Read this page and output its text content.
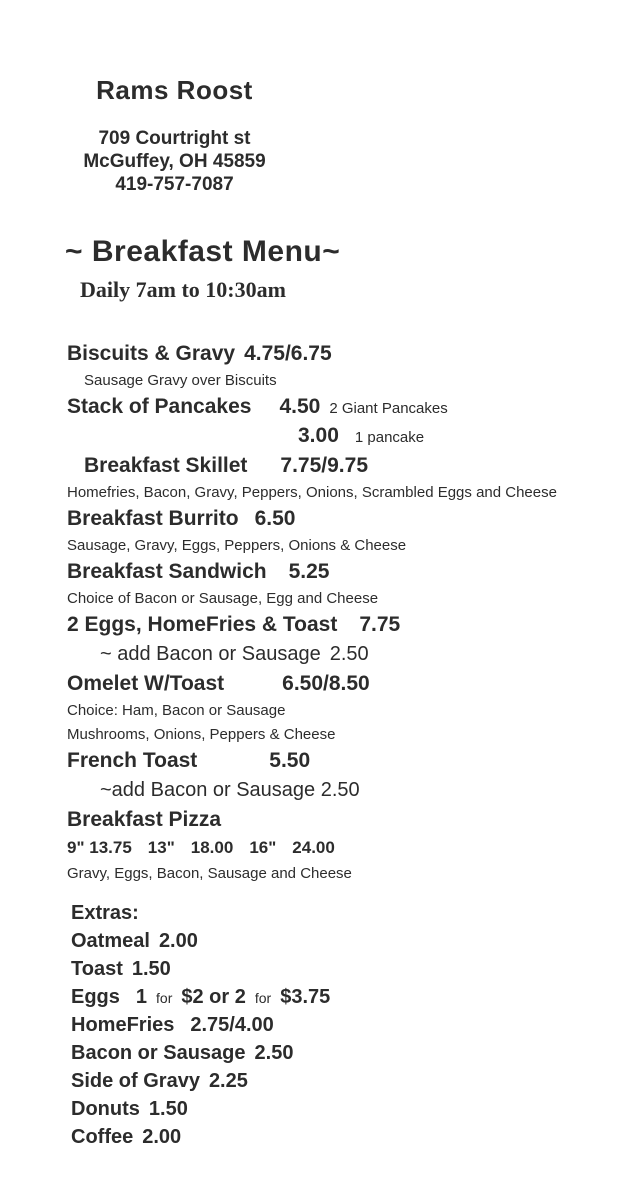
Rams Roost
709 Courtright st
McGuffey, OH 45859
419-757-7087
~ Breakfast Menu~
Daily 7am to 10:30am
Biscuits & Gravy 4.75/6.75
Sausage Gravy over Biscuits
Stack of Pancakes 4.50 2 Giant Pancakes
3.00 1 pancake
Breakfast Skillet 7.75/9.75
Homefries, Bacon, Gravy, Peppers, Onions, Scrambled Eggs and Cheese
Breakfast Burrito 6.50
Sausage, Gravy, Eggs, Peppers, Onions & Cheese
Breakfast Sandwich 5.25
Choice of Bacon or Sausage, Egg and Cheese
2 Eggs, HomeFries & Toast 7.75
~ add Bacon or Sausage 2.50
Omelet W/Toast	6.50/8.50
Choice: Ham, Bacon or Sausage
Mushrooms, Onions, Peppers & Cheese
French Toast	5.50
~add Bacon or Sausage 2.50
Breakfast Pizza
9" 13.75 13" 18.00 16" 24.00
Gravy, Eggs, Bacon, Sausage and Cheese
Extras:
Oatmeal 2.00
Toast 1.50
Eggs 1 for $2 or 2 for $3.75
HomeFries 2.75/4.00
Bacon or Sausage 2.50
Side of Gravy 2.25
Donuts 1.50
Coffee 2.00
